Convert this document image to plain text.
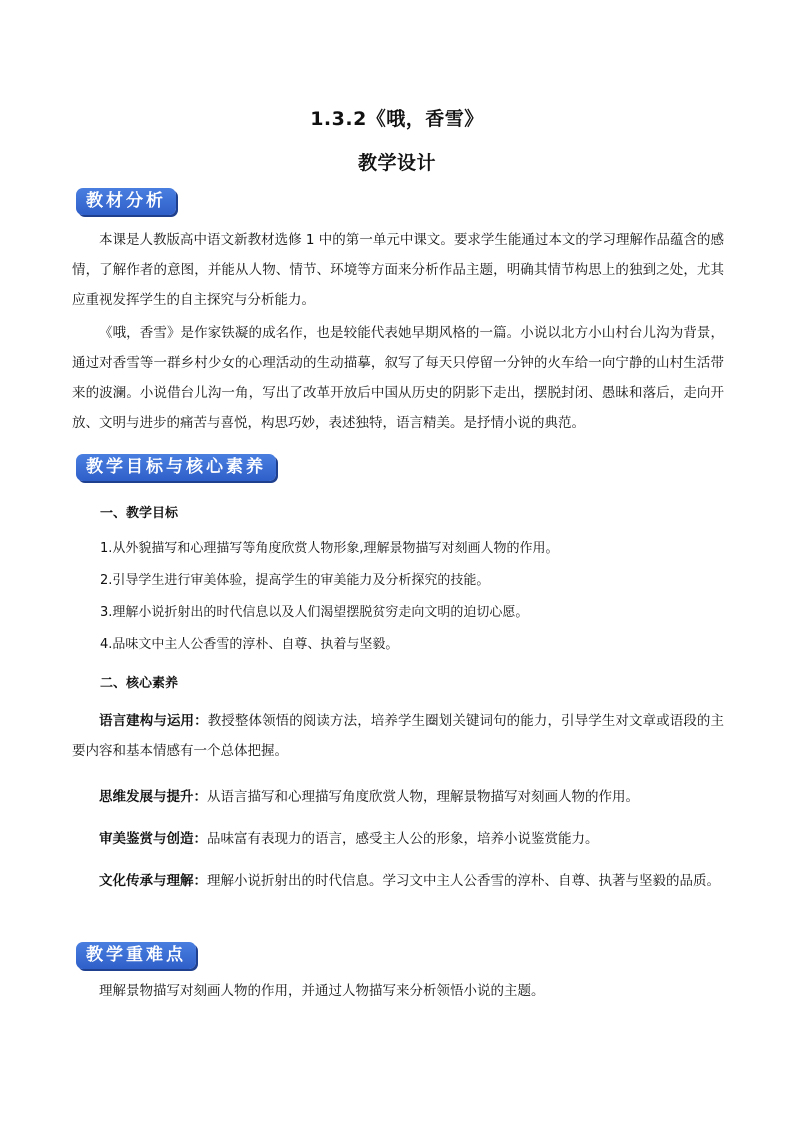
1.3.2《哦，香雪》
教学设计
教材分析
本课是人教版高中语文新教材选修 1 中的第一单元中课文。要求学生能通过本文的学习理解作品蕴含的感情，了解作者的意图，并能从人物、情节、环境等方面来分析作品主题，明确其情节构思上的独到之处，尤其应重视发挥学生的自主探究与分析能力。
《哦，香雪》是作家铁凝的成名作，也是较能代表她早期风格的一篇。小说以北方小山村台儿沟为背景，通过对香雪等一群乡村少女的心理活动的生动描摹，叙写了每天只停留一分钟的火车给一向宁静的山村生活带来的波澜。小说借台儿沟一角，写出了改革开放后中国从历史的阴影下走出，摆脱封闭、愚昧和落后，走向开放、文明与进步的痛苦与喜悦，构思巧妙，表述独特，语言精美。是抒情小说的典范。
教学目标与核心素养
一、教学目标
1.从外貌描写和心理描写等角度欣赏人物形象,理解景物描写对刻画人物的作用。
2.引导学生进行审美体验，提高学生的审美能力及分析探究的技能。
3.理解小说折射出的时代信息以及人们渴望摆脱贫穷走向文明的迫切心愿。
4.品味文中主人公香雪的淳朴、自尊、执着与坚毅。
二、核心素养
语言建构与运用：教授整体领悟的阅读方法，培养学生圈划关键词句的能力，引导学生对文章或语段的主要内容和基本情感有一个总体把握。
思维发展与提升：从语言描写和心理描写角度欣赏人物，理解景物描写对刻画人物的作用。
审美鉴赏与创造：品味富有表现力的语言，感受主人公的形象，培养小说鉴赏能力。
文化传承与理解：理解小说折射出的时代信息。学习文中主人公香雪的淳朴、自尊、执著与坚毅的品质。
教学重难点
理解景物描写对刻画人物的作用，并通过人物描写来分析领悟小说的主题。
